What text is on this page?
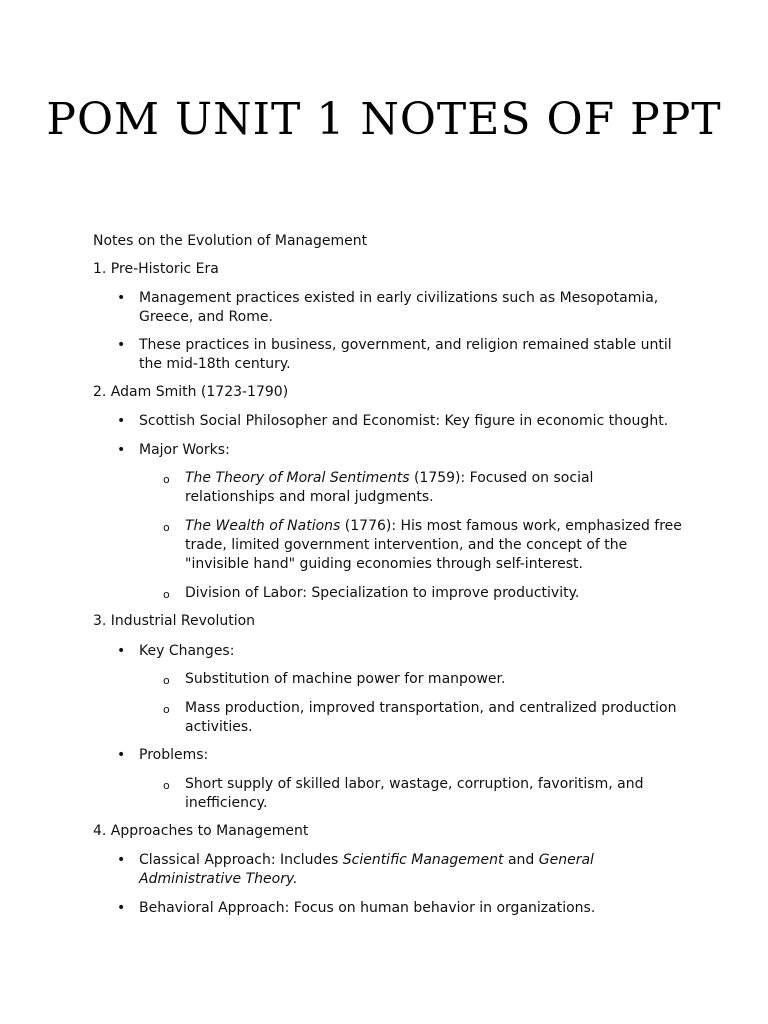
POM UNIT 1 NOTES OF PPT

Notes on the Evolution of Management

1. Pre-Historic Era

• Management practices existed in early civilizations such as Mesopotamia, Greece, and Rome.
• These practices in business, government, and religion remained stable until the mid-18th century.

2. Adam Smith (1723-1790)

• Scottish Social Philosopher and Economist: Key figure in economic thought.
• Major Works:
o The Theory of Moral Sentiments (1759): Focused on social relationships and moral judgments.
o The Wealth of Nations (1776): His most famous work, emphasized free trade, limited government intervention, and the concept of the "invisible hand" guiding economies through self-interest.
o Division of Labor: Specialization to improve productivity.

3. Industrial Revolution

• Key Changes:
o Substitution of machine power for manpower.
o Mass production, improved transportation, and centralized production activities.
• Problems:
o Short supply of skilled labor, wastage, corruption, favoritism, and inefficiency.

4. Approaches to Management

• Classical Approach: Includes Scientific Management and General Administrative Theory.
• Behavioral Approach: Focus on human behavior in organizations.
